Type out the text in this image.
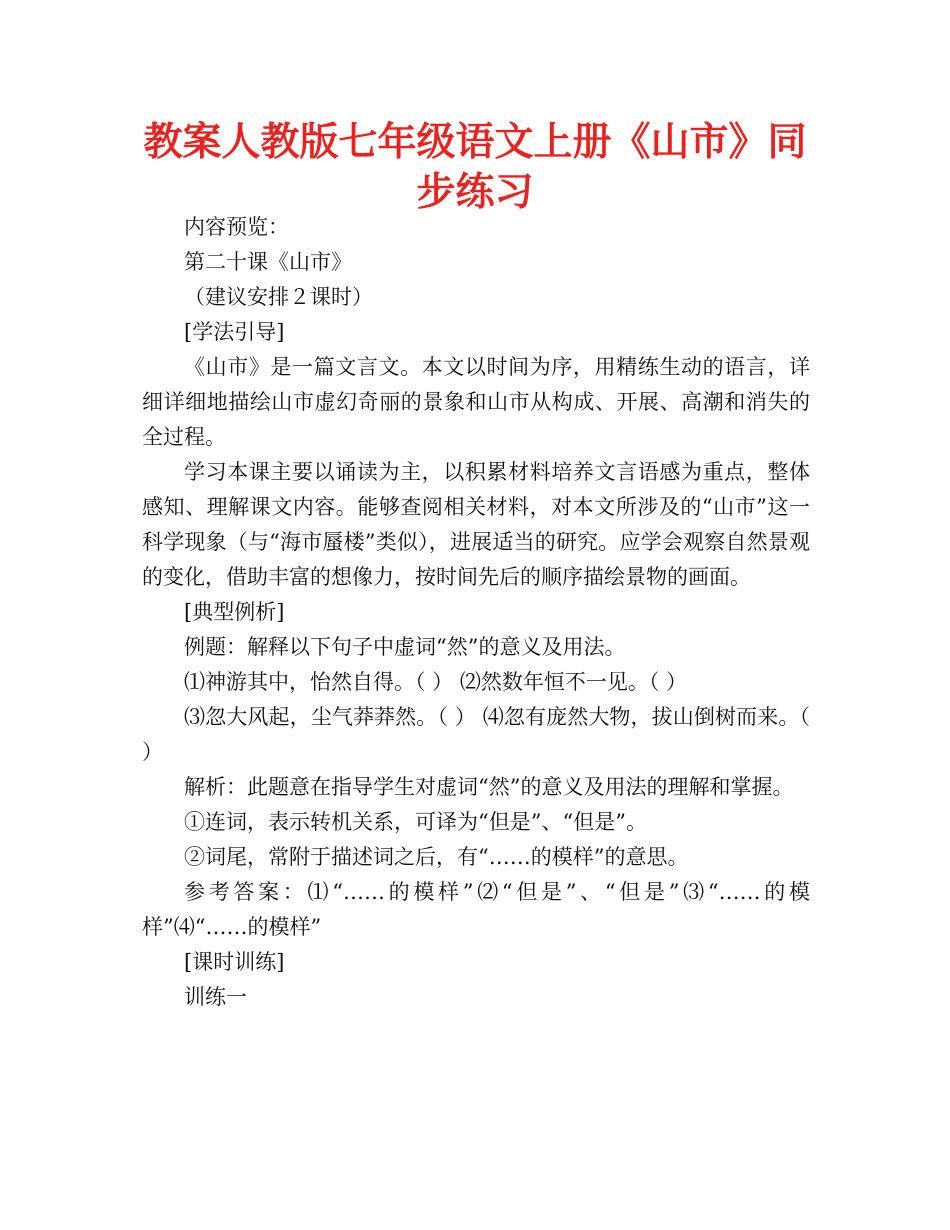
教案人教版七年级语文上册《山市》同步练习

内容预览：

第二十课《山市》

（建议安排２课时）

[学法引导]

《山市》是一篇文言文。本文以时间为序，用精练生动的语言，详细详细地描绘山市虚幻奇丽的景象和山市从构成、开展、高潮和消失的全过程。

学习本课主要以诵读为主，以积累材料培养文言语感为重点，整体感知、理解课文内容。能够查阅相关材料，对本文所涉及的“山市”这一科学现象（与“海市蜃楼”类似），进展适当的研究。应学会观察自然景观的变化，借助丰富的想像力，按时间先后的顺序描绘景物的画面。

[典型例析]

例题：解释以下句子中虚词“然”的意义及用法。

⑴神游其中，怡然自得。（ ） ⑵然数年恒不一见。（ ）

⑶忽大风起，尘气莽莽然。（ ） ⑷忽有庞然大物，拔山倒树而来。（ ）

解析：此题意在指导学生对虚词“然”的意义及用法的理解和掌握。

①连词，表示转机关系，可译为“但是”、“但是”。

②词尾，常附于描述词之后，有“……的模样”的意思。

参考答案：⑴“……的模样”⑵“但是”、“但是”⑶“……的模样”⑷“……的模样”

[课时训练]

训练一
